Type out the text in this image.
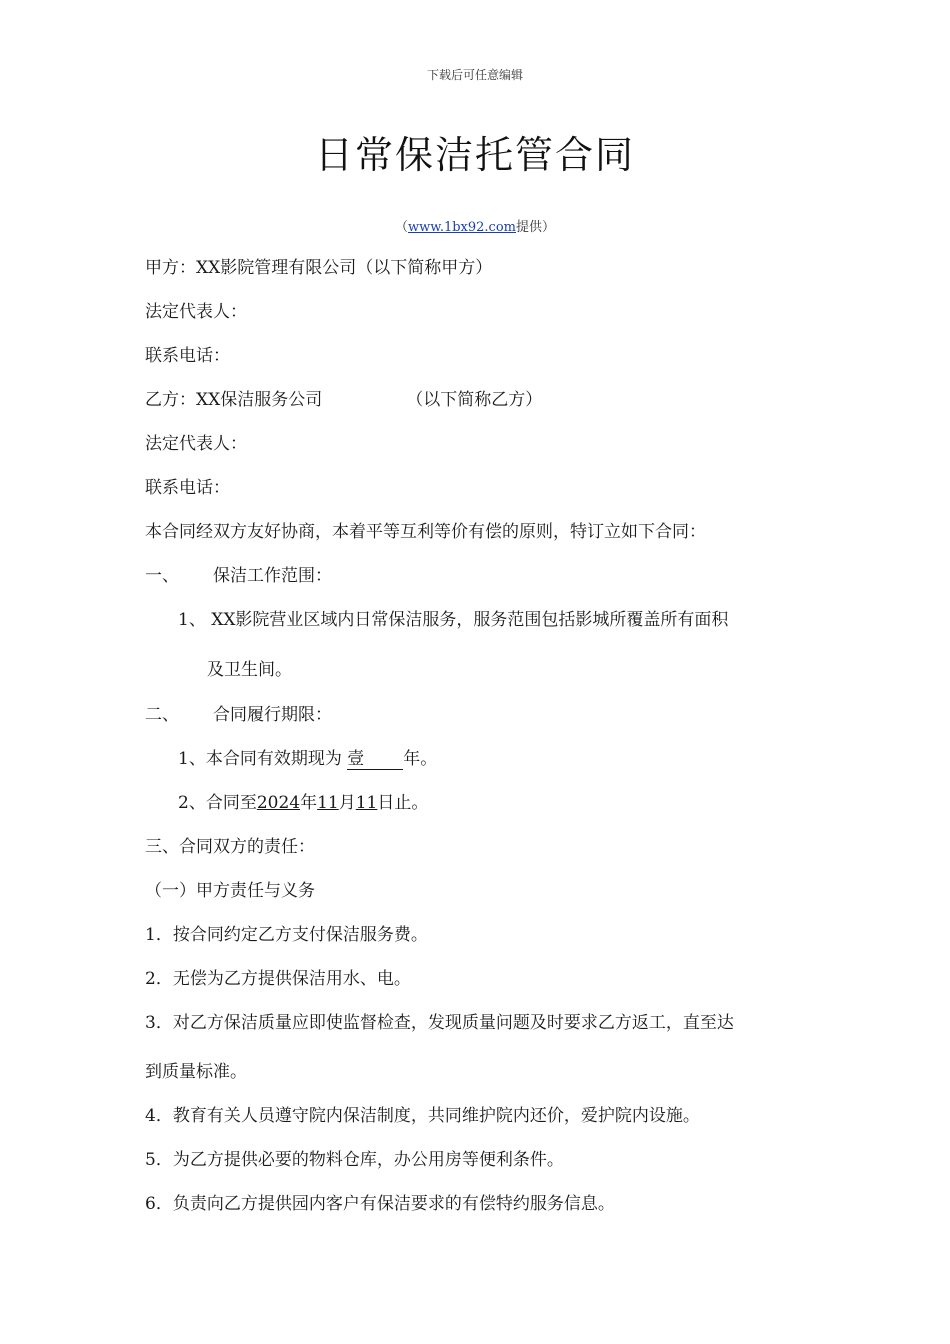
下载后可任意编辑
日常保洁托管合同
（www.1bx92.com提供）
甲方：XX影院管理有限公司（以下简称甲方）
法定代表人：
联系电话：
乙方：XX保洁服务公司	（以下简称乙方）
法定代表人：
联系电话：
本合同经双方友好协商，本着平等互利等价有偿的原则，特订立如下合同：
一、 保洁工作范围：
1、 XX影院营业区域内日常保洁服务，服务范围包括影城所覆盖所有面积
及卫生间。
二、 合同履行期限：
1、本合同有效期现为 壹 年。
2、合同至2024年11月11日止。
三、合同双方的责任：
（一）甲方责任与义务
1．按合同约定乙方支付保洁服务费。
2．无偿为乙方提供保洁用水、电。
3．对乙方保洁质量应即使监督检查，发现质量问题及时要求乙方返工，直至达
到质量标准。
4．教育有关人员遵守院内保洁制度，共同维护院内还价，爱护院内设施。
5．为乙方提供必要的物料仓库，办公用房等便利条件。
6．负责向乙方提供园内客户有保洁要求的有偿特约服务信息。
